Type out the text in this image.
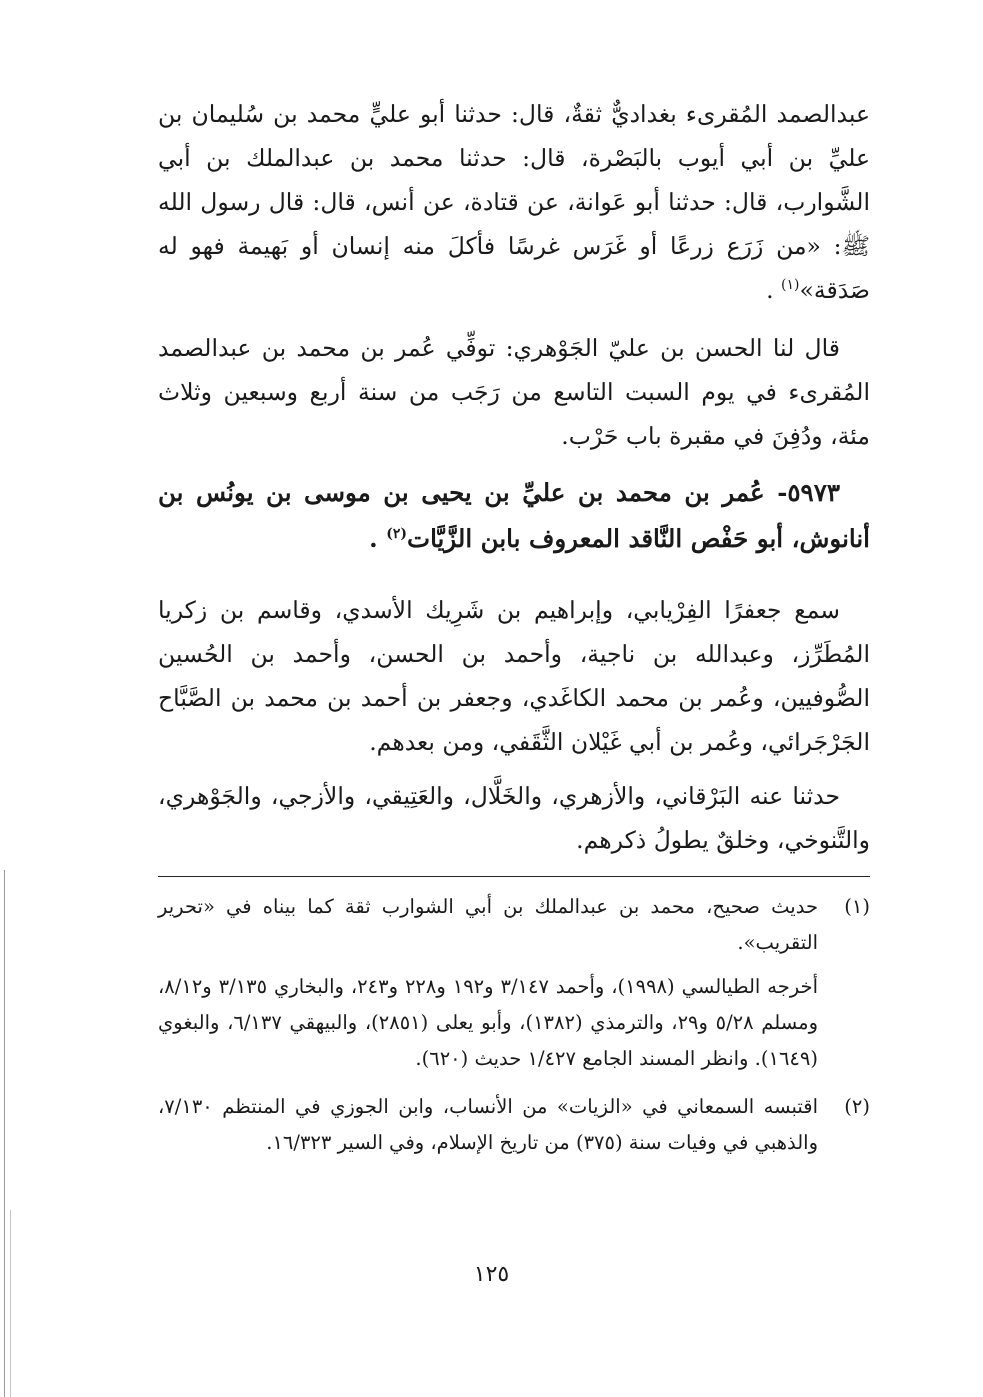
عبدالصمد المُقرىء بغداديٌّ ثقةٌ، قال: حدثنا أبو عليٍّ محمد بن سُليمان بن عليِّ بن أبي أيوب بالبَصْرة، قال: حدثنا محمد بن عبدالملك بن أبي الشَّوارب، قال: حدثنا أبو عَوانة، عن قتادة، عن أنس، قال: قال رسول الله ﷺ: «من زَرَع زرعًا أو غَرَس غرسًا فأكلَ منه إنسان أو بَهيمة فهو له صَدَقة»$^{(١)}$ .

قال لنا الحسن بن عليّ الجَوْهري: توفِّي عُمر بن محمد بن عبدالصمد المُقرىء في يوم السبت التاسع من رَجَب من سنة أربع وسبعين وثلاث مئة، ودُفِنَ في مقبرة باب حَرْب.

٥٩٧٣- عُمر بن محمد بن عليِّ بن يحيى بن موسى بن يونُس بن أنانوش، أبو حَفْص النَّاقد المعروف بابن الزَّيَّات$^{(٢)}$ .

سمع جعفرًا الفِرْيابي، وإبراهيم بن شَرِيك الأسدي، وقاسم بن زكريا المُطَرِّز، وعبدالله بن ناجية، وأحمد بن الحسن، وأحمد بن الحُسين الصُّوفيين، وعُمر بن محمد الكاغَدي، وجعفر بن أحمد بن محمد بن الصَّبَّاح الجَرْجَرائي، وعُمر بن أبي غَيْلان الثَّقَفي، ومن بعدهم.

حدثنا عنه البَرْقاني، والأزهري، والخَلَّال، والعَتِيقي، والأزجي، والجَوْهري، والتَّنوخي، وخلقٌ يطولُ ذكرهم.

(١)

حديث صحيح، محمد بن عبدالملك بن أبي الشوارب ثقة كما بيناه في «تحرير التقريب».

أخرجه الطيالسي (١٩٩٨)، وأحمد ٣/١٤٧ و١٩٢ و٢٢٨ و٢٤٣، والبخاري ٣/١٣٥ و٨/١٢، ومسلم ٥/٢٨ و٢٩، والترمذي (١٣٨٢)، وأبو يعلى (٢٨٥١)، والبيهقي ٦/١٣٧، والبغوي (١٦٤٩). وانظر المسند الجامع ١/٤٢٧ حديث (٦٢٠).

(٢)

اقتبسه السمعاني في «الزيات» من الأنساب، وابن الجوزي في المنتظم ٧/١٣٠، والذهبي في وفيات سنة (٣٧٥) من تاريخ الإسلام، وفي السير ١٦/٣٢٣.

١٢٥
